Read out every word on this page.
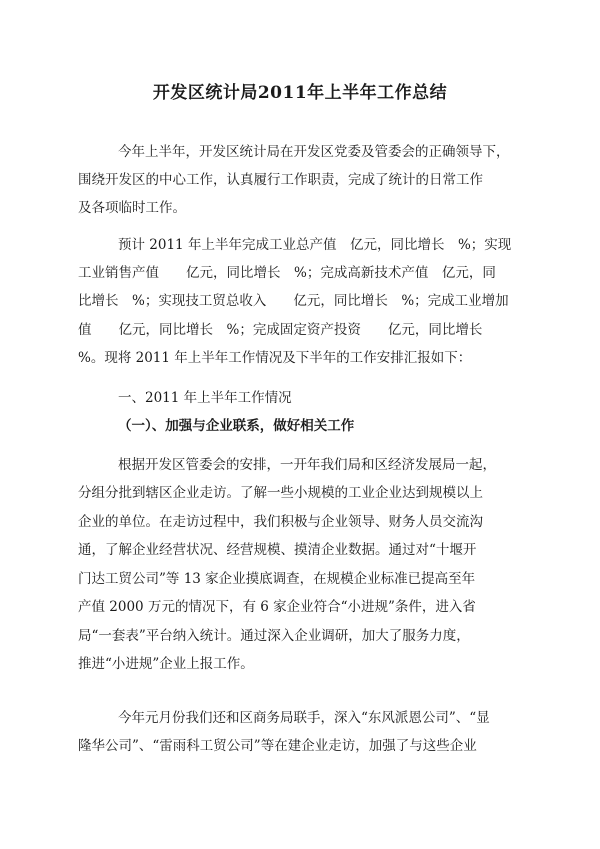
开发区统计局2011年上半年工作总结
今年上半年，开发区统计局在开发区党委及管委会的正确领导下，
围绕开发区的中心工作，认真履行工作职责，完成了统计的日常工作
及各项临时工作。
预计 2011 年上半年完成工业总产值　亿元，同比增长　%；实现
工业销售产值　　亿元，同比增长　%；完成高新技术产值　亿元，同
比增长　%；实现技工贸总收入　　亿元，同比增长　%；完成工业增加
值　　亿元，同比增长　%；完成固定资产投资　　亿元，同比增长
%。现将 2011 年上半年工作情况及下半年的工作安排汇报如下：
一、2011 年上半年工作情况
（一）、加强与企业联系，做好相关工作
根据开发区管委会的安排，一开年我们局和区经济发展局一起，
分组分批到辖区企业走访。了解一些小规模的工业企业达到规模以上
企业的单位。在走访过程中，我们积极与企业领导、财务人员交流沟
通，了解企业经营状况、经营规模、摸清企业数据。通过对“十堰开
门达工贸公司”等 13 家企业摸底调查，在规模企业标准已提高至年
产值 2000 万元的情况下，有 6 家企业符合“小进规”条件，进入省
局“一套表”平台纳入统计。通过深入企业调研，加大了服务力度，
推进“小进规”企业上报工作。
今年元月份我们还和区商务局联手，深入“东风派恩公司”、“显
隆华公司”、“雷雨科工贸公司”等在建企业走访，加强了与这些企业
